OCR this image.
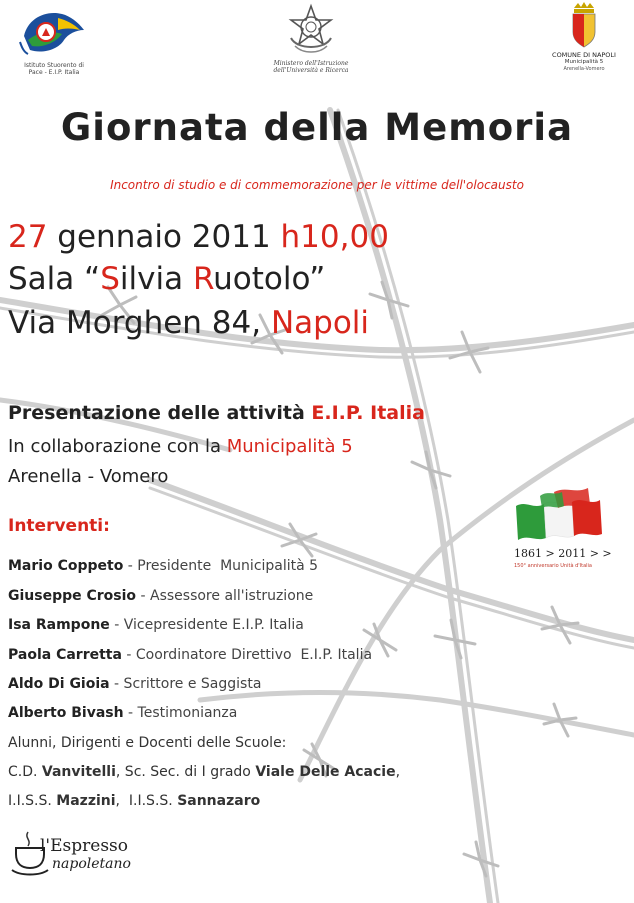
Istituto Stuorento di Pace - E.I.P. Italia
Ministero dell'Istruzione
dell'Università e Ricerca
COMUNE DI NAPOLI
Municipalità 5
Arenella-Vomero
Giornata della Memoria
Incontro di studio e di commemorazione per le vittime dell'olocausto
27 gennaio 2011 h10,00
Sala “Silvia Ruotolo”
Via Morghen 84, Napoli
Presentazione delle attività E.I.P. Italia
In collaborazione con la Municipalità 5
Arenella - Vomero
Interventi:
Mario Coppeto - Presidente  Municipalità 5
Giuseppe Crosio - Assessore all'istruzione
Isa Rampone - Vicepresidente E.I.P. Italia
Paola Carretta - Coordinatore Direttivo  E.I.P. Italia
Aldo Di Gioia - Scrittore e Saggista
Alberto Bivash - Testimonianza
Alunni, Dirigenti e Docenti delle Scuole:
C.D. Vanvitelli, Sc. Sec. di I grado Viale Delle Acacie,
I.I.S.S. Mazzini,  I.I.S.S. Sannazaro
1861 > 2011 > >
150° anniversario Unità d'Italia
l'Espresso
napoletano
